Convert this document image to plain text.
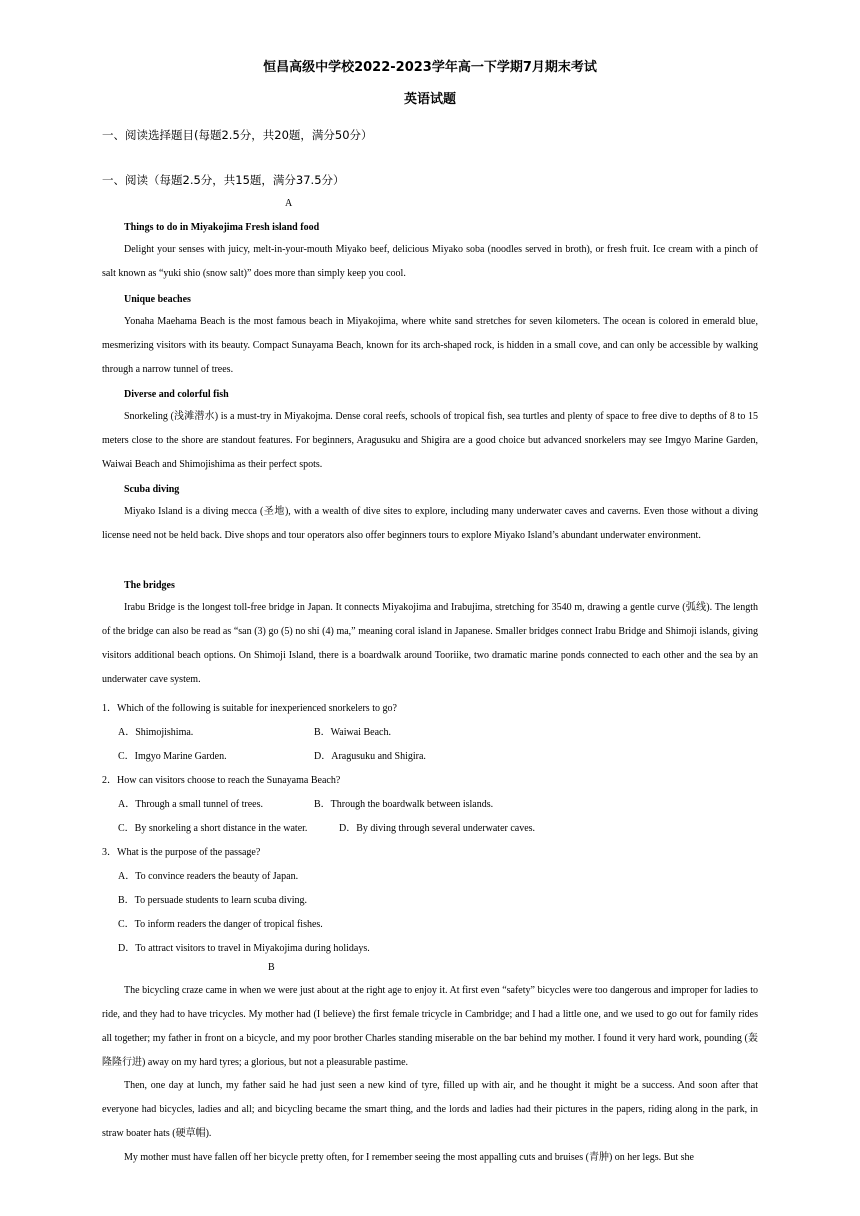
恒昌高级中学校2022-2023学年高一下学期7月期末考试
英语试题
一、阅读选择题目(每题2.5分，共20题，满分50分）
一、阅读（每题2.5分，共15题，满分37.5分）
A
Things to do in Miyakojima Fresh island food

Delight your senses with juicy, melt-in-your-mouth Miyako beef, delicious Miyako soba (noodles served in broth), or fresh fruit. Ice cream with a pinch of salt known as “yuki shio (snow salt)” does more than simply keep you cool.

Unique beaches

Yonaha Maehama Beach is the most famous beach in Miyakojima, where white sand stretches for seven kilometers. The ocean is colored in emerald blue, mesmerizing visitors with its beauty. Compact Sunayama Beach, known for its arch-shaped rock, is hidden in a small cove, and can only be accessible by walking through a narrow tunnel of trees.

Diverse and colorful fish

Snorkeling (浅滩潜水) is a must-try in Miyakojma. Dense coral reefs, schools of tropical fish, sea turtles and plenty of space to free dive to depths of 8 to 15 meters close to the shore are standout features. For beginners, Aragusuku and Shigira are a good choice but advanced snorkelers may see Imgyo Marine Garden, Waiwai Beach and Shimojishima as their perfect spots.

Scuba diving

Miyako Island is a diving mecca (圣地), with a wealth of dive sites to explore, including many underwater caves and caverns. Even those without a diving license need not be held back. Dive shops and tour operators also offer beginners tours to explore Miyako Island’s abundant underwater environment.

The bridges

Irabu Bridge is the longest toll-free bridge in Japan. It connects Miyakojima and Irabujima, stretching for 3540 m, drawing a gentle curve (弧线). The length of the bridge can also be read as “san (3) go (5) no shi (4) ma,” meaning coral island in Japanese. Smaller bridges connect Irabu Bridge and Shimoji islands, giving visitors additional beach options. On Shimoji Island, there is a boardwalk around Tooriike, two dramatic marine ponds connected to each other and the sea by an underwater cave system.

1．Which of the following is suitable for inexperienced snorkelers to go?
A．Shimojishima.	B．Waiwai Beach.
C．Imgyo Marine Garden.	D．Aragusuku and Shigira.
2．How can visitors choose to reach the Sunayama Beach?
A．Through a small tunnel of trees.	B．Through the boardwalk between islands.
C．By snorkeling a short distance in the water.	D．By diving through several underwater caves.
3．What is the purpose of the passage?
A．To convince readers the beauty of Japan.
B．To persuade students to learn scuba diving.
C．To inform readers the danger of tropical fishes.
D．To attract visitors to travel in Miyakojima during holidays.
B

The bicycling craze came in when we were just about at the right age to enjoy it. At first even “safety” bicycles were too dangerous and improper for ladies to ride, and they had to have tricycles. My mother had (I believe) the first female tricycle in Cambridge; and I had a little one, and we used to go out for family rides all together; my father in front on a bicycle, and my poor brother Charles standing miserable on the bar behind my mother. I found it very hard work, pounding (轰隆隆行进) away on my hard tyres; a glorious, but not a pleasurable pastime.

Then, one day at lunch, my father said he had just seen a new kind of tyre, filled up with air, and he thought it might be a success. And soon after that everyone had bicycles, ladies and all; and bicycling became the smart thing, and the lords and ladies had their pictures in the papers, riding along in the park, in straw boater hats (硬草帽).

My mother must have fallen off her bicycle pretty often, for I remember seeing the most appalling cuts and bruises (青肿) on her legs. But she
